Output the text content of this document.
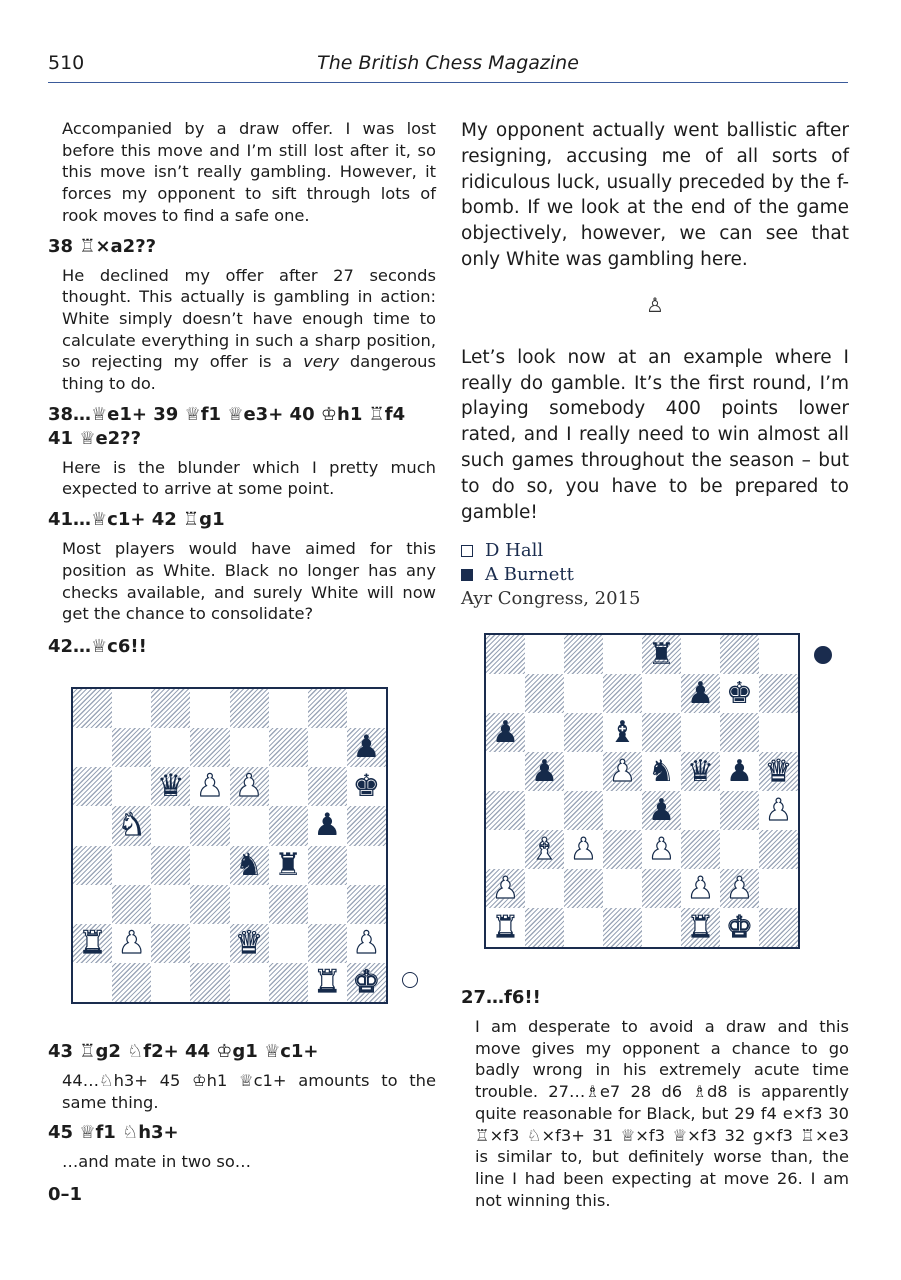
510	The British Chess Magazine

Accompanied by a draw offer. I was lost before this move and I’m still lost after it, so this move isn’t really gambling. However, it forces my opponent to sift through lots of rook moves to find a safe one.

38 ♖×a2??

He declined my offer after 27 seconds thought. This actually is gambling in action: White simply doesn’t have enough time to calculate everything in such a sharp position, so rejecting my offer is a very dangerous thing to do.

38…♕e1+ 39 ♕f1 ♕e3+ 40 ♔h1 ♖f4 41 ♕e2??

Here is the blunder which I pretty much expected to arrive at some point.

41…♕c1+ 42 ♖g1

Most players would have aimed for this position as White. Black no longer has any checks available, and surely White will now get the chance to consolidate?

42…♕c6!!
♟
♛ ♟ ♟	♚
♞	♟
♞ ♜
♜ ♟	♛	♟
♜ ♚
43 ♖g2 ♘f2+ 44 ♔g1 ♕c1+

44…♘h3+ 45 ♔h1 ♕c1+ amounts to the same thing.

45 ♕f1 ♘h3+

…and mate in two so…

0–1

My opponent actually went ballistic after resigning, accusing me of all sorts of ridiculous luck, usually preceded by the f-bomb. If we look at the end of the game objectively, however, we can see that only White was gambling here.

♙

Let’s look now at an example where I really do gamble. It’s the first round, I’m playing somebody 400 points lower rated, and I really need to win almost all such games throughout the season – but to do so, you have to be prepared to gamble!

D Hall
A Burnett
Ayr Congress, 2015
♜
♟ ♚
♟	♝
♟ ♟ ♞ ♛ ♟ ♛
♟	♟
♝ ♟ ♟
♟	♟ ♟
♜	♜ ♚
27…f6!!

I am desperate to avoid a draw and this move gives my opponent a chance to go badly wrong in his extremely acute time trouble. 27…♗e7 28 d6 ♗d8 is apparently quite reasonable for Black, but 29 f4 e×f3 30 ♖×f3 ♘×f3+ 31 ♕×f3 ♕×f3 32 g×f3 ♖×e3 is similar to, but definitely worse than, the line I had been expecting at move 26. I am not winning this.
